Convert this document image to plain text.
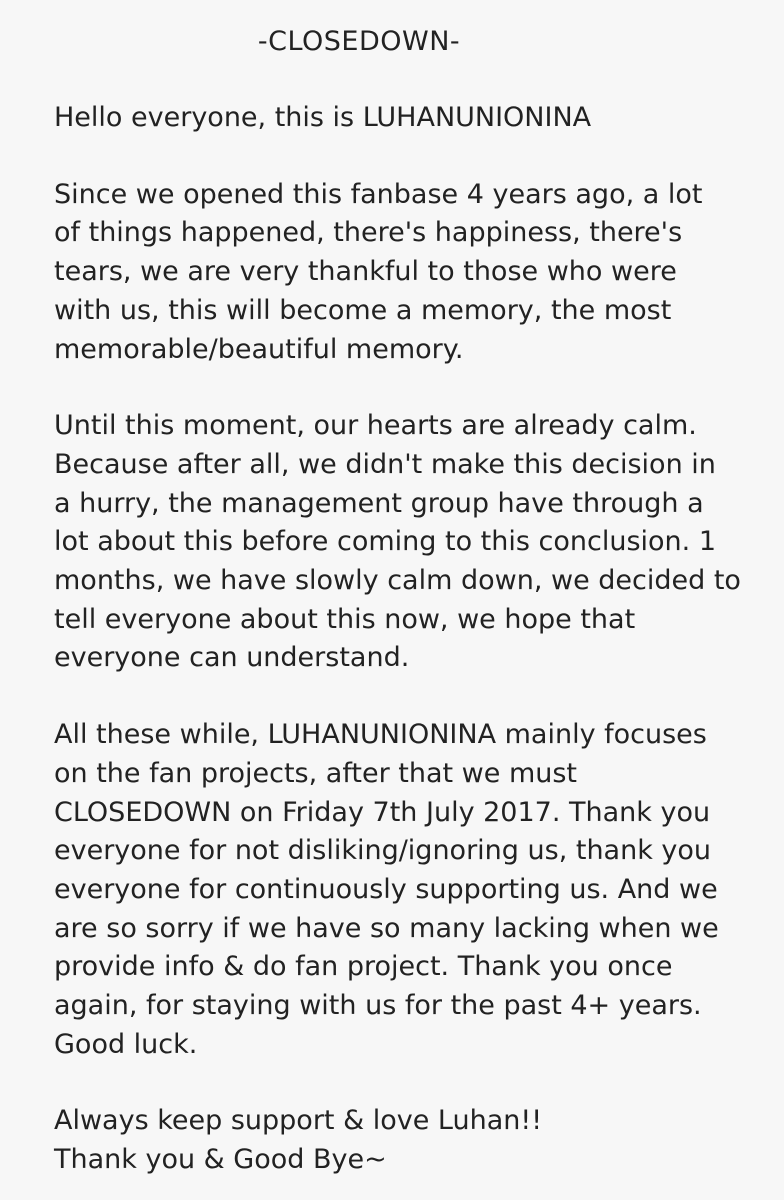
-CLOSEDOWN-

Hello everyone, this is LUHANUNIONINA

Since we opened this fanbase 4 years ago, a lot
of things happened, there's happiness, there's
tears, we are very thankful to those who were
with us, this will become a memory, the most
memorable/beautiful memory.

Until this moment, our hearts are already calm.
Because after all, we didn't make this decision in
a hurry, the management group have through a
lot about this before coming to this conclusion. 1
months, we have slowly calm down, we decided to
tell everyone about this now, we hope that
everyone can understand.

All these while, LUHANUNIONINA mainly focuses
on the fan projects, after that we must
CLOSEDOWN on Friday 7th July 2017. Thank you
everyone for not disliking/ignoring us, thank you
everyone for continuously supporting us. And we
are so sorry if we have so many lacking when we
provide info & do fan project. Thank you once
again, for staying with us for the past 4+ years.
Good luck.

Always keep support & love Luhan!!
Thank you & Good Bye~
